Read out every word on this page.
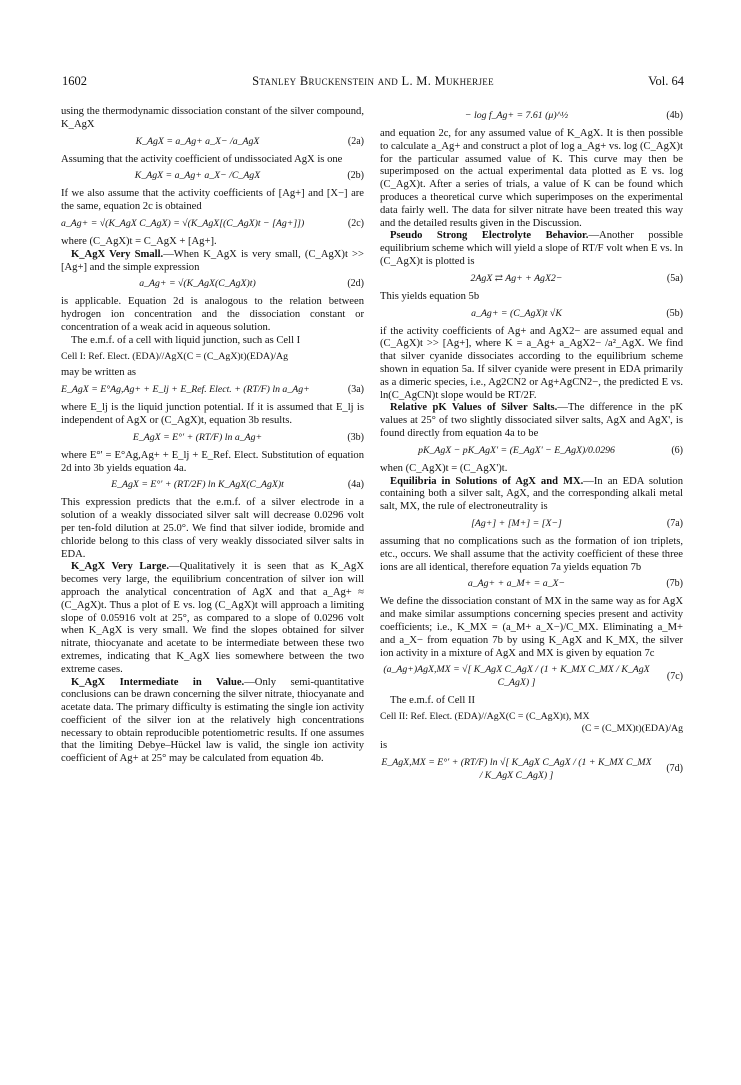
1602	Stanley Bruckenstein and L. M. Mukherjee	Vol. 64

using the thermodynamic dissociation constant of the silver compound, K_AgX

K_AgX = a_Ag+ a_X− /a_AgX	(2a)

Assuming that the activity coefficient of undissociated AgX is one

K_AgX = a_Ag+ a_X− /C_AgX	(2b)

If we also assume that the activity coefficients of [Ag+] and [X−] are the same, equation 2c is obtained

a_Ag+ = √(K_AgX C_AgX) = √(K_AgX[(C_AgX)t − [Ag+]])	(2c)

where (C_AgX)t = C_AgX + [Ag+].

K_AgX Very Small.—When K_AgX is very small, (C_AgX)t >> [Ag+] and the simple expression

a_Ag+ = √(K_AgX(C_AgX)t)	(2d)

is applicable. Equation 2d is analogous to the relation between hydrogen ion concentration and the dissociation constant or concentration of a weak acid in aqueous solution.

The e.m.f. of a cell with liquid junction, such as Cell I

Cell I: Ref. Elect. (EDA)//AgX(C = (C_AgX)t)(EDA)/Ag

may be written as

E_AgX = E°Ag,Ag+ + E_lj + E_Ref. Elect. + (RT/F) ln a_Ag+	(3a)

where E_lj is the liquid junction potential. If it is assumed that E_lj is independent of AgX or (C_AgX)t, equation 3b results.

E_AgX = E°' + (RT/F) ln a_Ag+	(3b)

where E°' = E°Ag,Ag+ + E_lj + E_Ref. Elect. Substitution of equation 2d into 3b yields equation 4a.

E_AgX = E°' + (RT/2F) ln K_AgX(C_AgX)t	(4a)

This expression predicts that the e.m.f. of a silver electrode in a solution of a weakly dissociated silver salt will decrease 0.0296 volt per ten-fold dilution at 25.0°. We find that silver iodide, bromide and chloride belong to this class of very weakly dissociated silver salts in EDA.

K_AgX Very Large.—Qualitatively it is seen that as K_AgX becomes very large, the equilibrium concentration of silver ion will approach the analytical concentration of AgX and that a_Ag+ ≈ (C_AgX)t. Thus a plot of E vs. log (C_AgX)t will approach a limiting slope of 0.05916 volt at 25°, as compared to a slope of 0.0296 volt when K_AgX is very small. We find the slopes obtained for silver nitrate, thiocyanate and acetate to be intermediate between these two extremes, indicating that K_AgX lies somewhere between the two extreme cases.

K_AgX Intermediate in Value.—Only semi-quantitative conclusions can be drawn concerning the silver nitrate, thiocyanate and acetate data. The primary difficulty is estimating the single ion activity coefficient of the silver ion at the relatively high concentrations necessary to obtain reproducible potentiometric results. If one assumes that the limiting Debye–Hückel law is valid, the single ion activity coefficient of Ag+ at 25° may be calculated from equation 4b.

− log f_Ag+ = 7.61 (μ)^½	(4b)

and equation 2c, for any assumed value of K_AgX. It is then possible to calculate a_Ag+ and construct a plot of log a_Ag+ vs. log (C_AgX)t for the particular assumed value of K. This curve may then be superimposed on the actual experimental data plotted as E vs. log (C_AgX)t. After a series of trials, a value of K can be found which produces a theoretical curve which superimposes on the experimental data fairly well. The data for silver nitrate have been treated this way and the detailed results given in the Discussion.

Pseudo Strong Electrolyte Behavior.—Another possible equilibrium scheme which will yield a slope of RT/F volt when E vs. ln (C_AgX)t is plotted is

2AgX ⇄ Ag+ + AgX2−	(5a)

This yields equation 5b

a_Ag+ = (C_AgX)t √K	(5b)

if the activity coefficients of Ag+ and AgX2− are assumed equal and (C_AgX)t >> [Ag+], where K = a_Ag+ a_AgX2− /a²_AgX. We find that silver cyanide dissociates according to the equilibrium scheme shown in equation 5a. If silver cyanide were present in EDA primarily as a dimeric species, i.e., Ag2CN2 or Ag+AgCN2−, the predicted E vs. ln(C_AgCN)t slope would be RT/2F.

Relative pK Values of Silver Salts.—The difference in the pK values at 25° of two slightly dissociated silver salts, AgX and AgX', is found directly from equation 4a to be

pK_AgX − pK_AgX' = (E_AgX' − E_AgX)/0.0296	(6)

when (C_AgX)t = (C_AgX')t.

Equilibria in Solutions of AgX and MX.—In an EDA solution containing both a silver salt, AgX, and the corresponding alkali metal salt, MX, the rule of electroneutrality is

[Ag+] + [M+] = [X−]	(7a)

assuming that no complications such as the formation of ion triplets, etc., occurs. We shall assume that the activity coefficient of these three ions are all identical, therefore equation 7a yields equation 7b

a_Ag+ + a_M+ = a_X−	(7b)

We define the dissociation constant of MX in the same way as for AgX and make similar assumptions concerning species present and activity coefficients; i.e., K_MX = (a_M+ a_X−)/C_MX. Eliminating a_M+ and a_X− from equation 7b by using K_AgX and K_MX, the silver ion activity in a mixture of AgX and MX is given by equation 7c

(a_Ag+)AgX,MX = √[ K_AgX C_AgX / (1 + K_MX C_MX / K_AgX C_AgX) ]
(7c)

The e.m.f. of Cell II

Cell II: Ref. Elect. (EDA)//AgX(C = (C_AgX)t), MX
(C = (C_MX)t)(EDA)/Ag

is

E_AgX,MX = E°' + (RT/F) ln √[ K_AgX C_AgX / (1 + K_MX C_MX / K_AgX C_AgX) ]
(7d)
